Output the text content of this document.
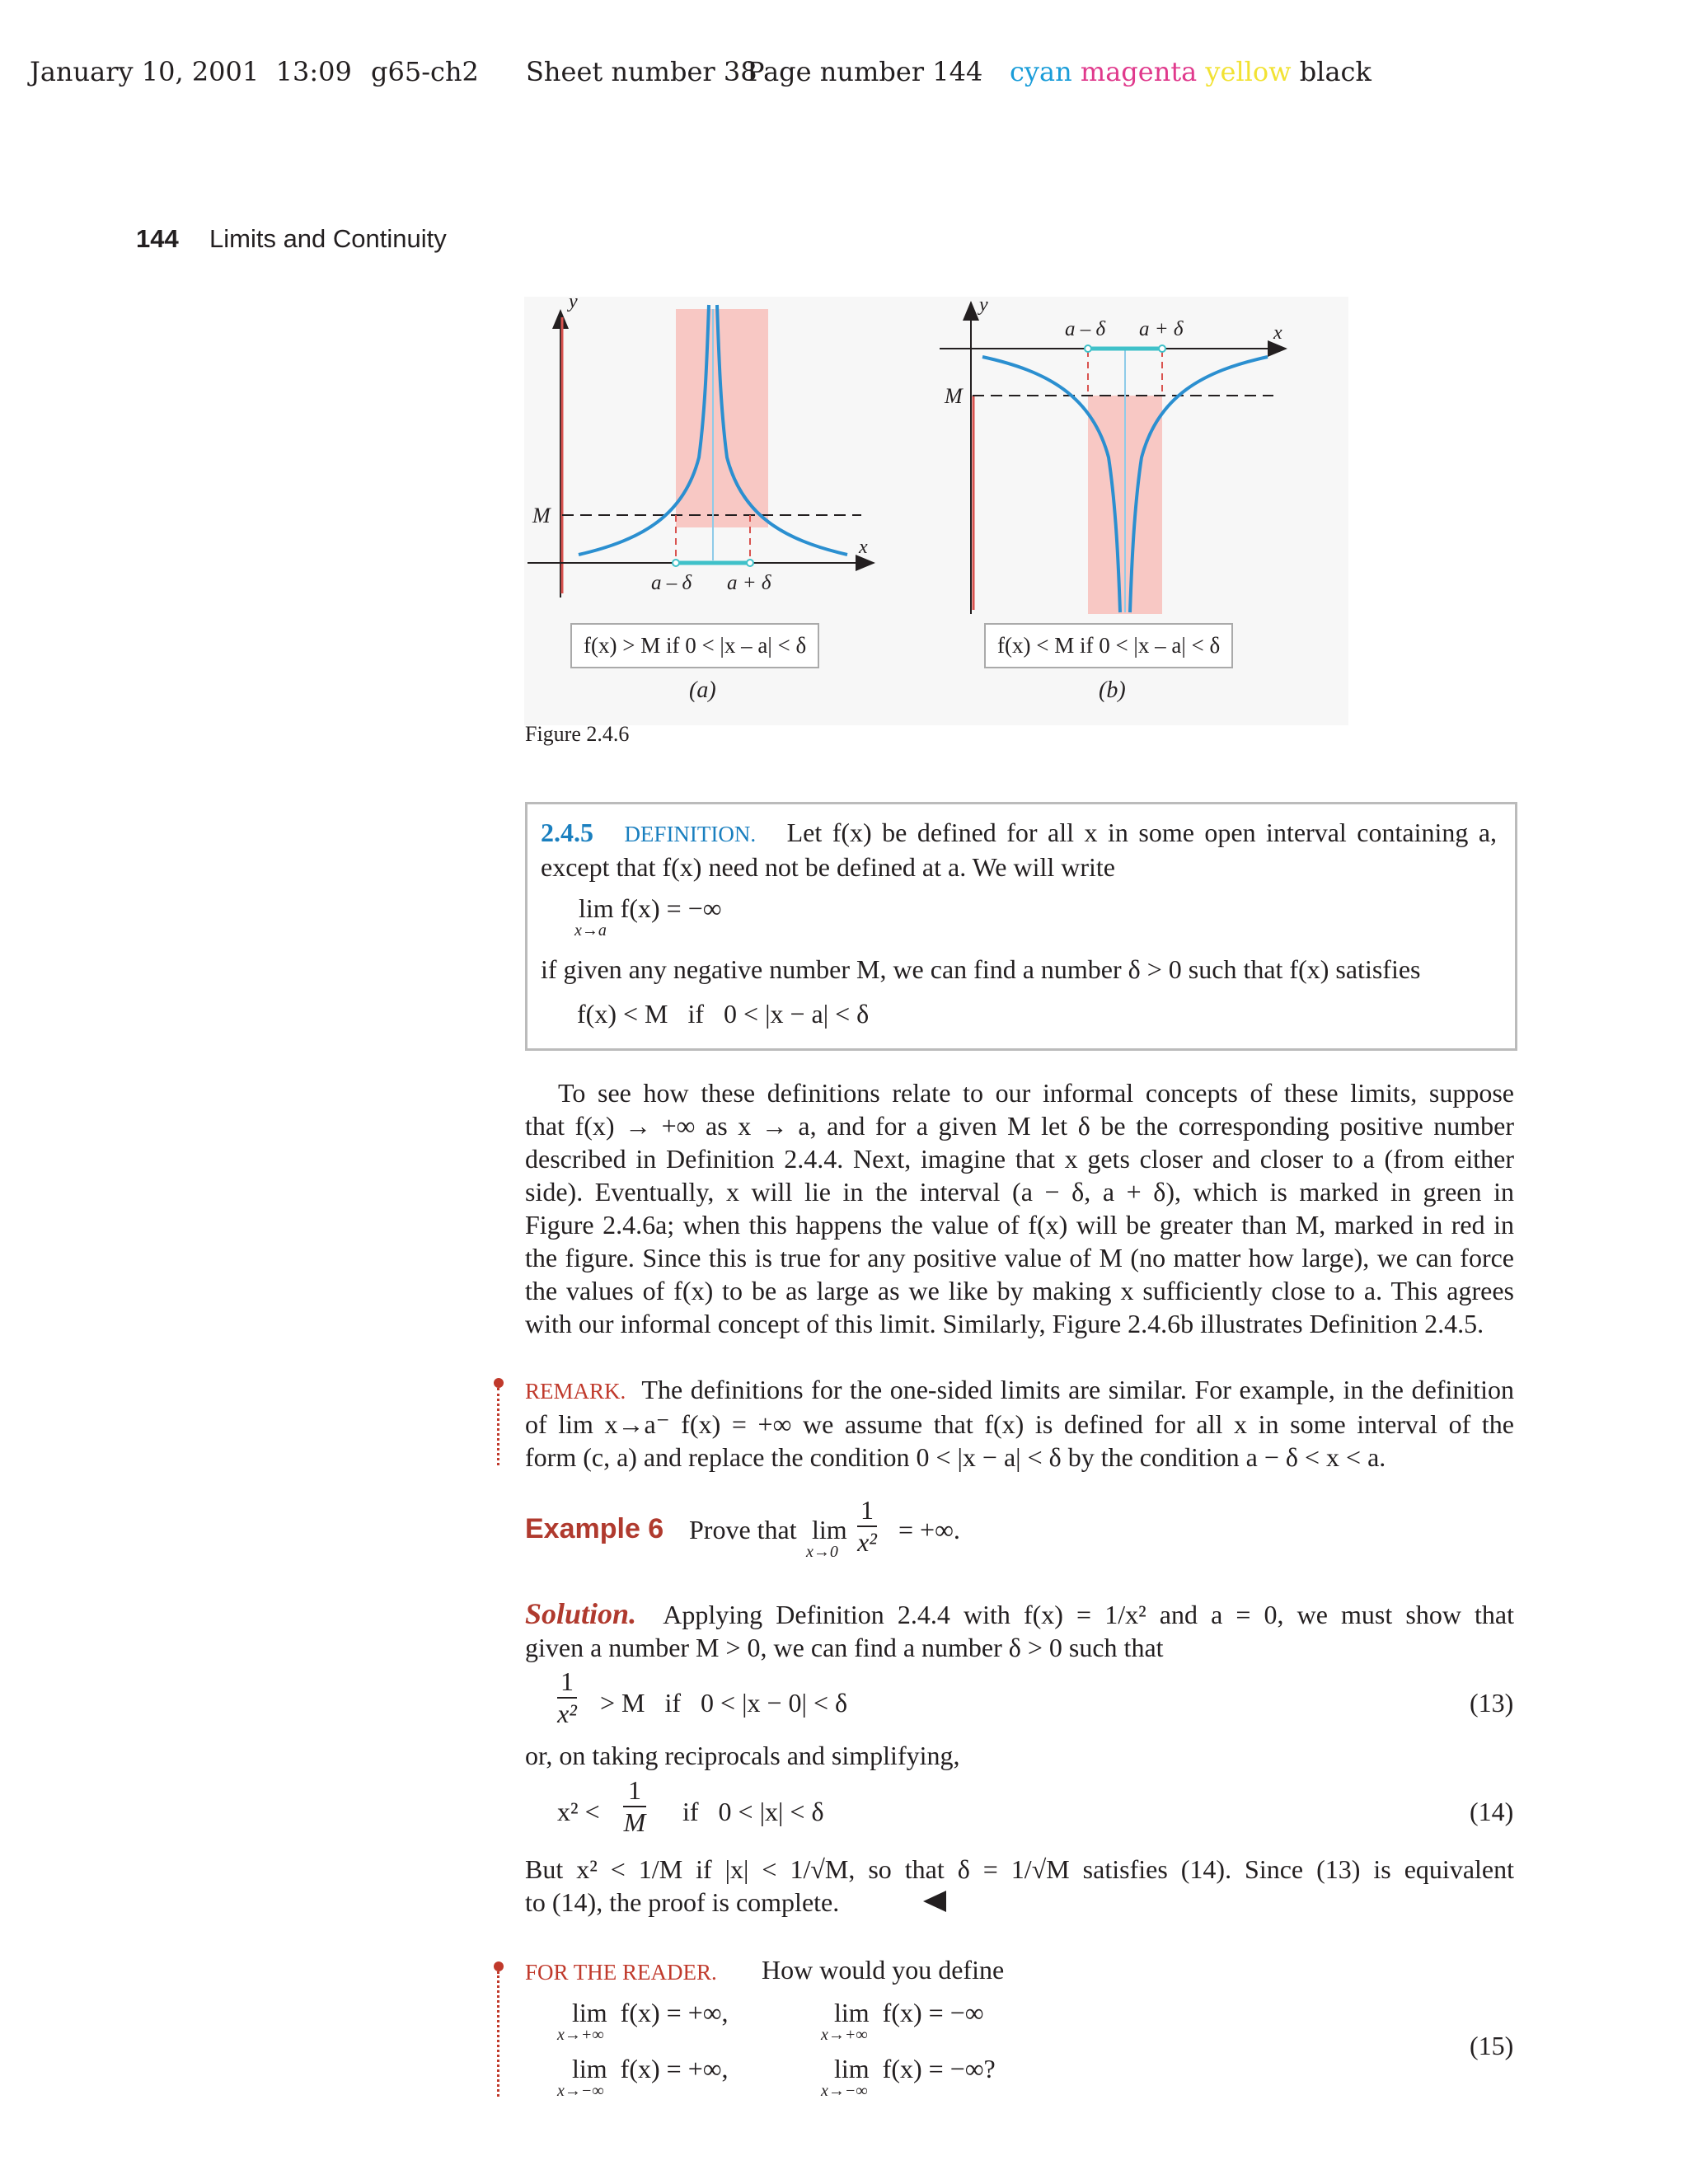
January 10, 2001 13:09 g65-ch2 Sheet number 38
Page number 144 cyan magenta yellow black
144 Limits and Continuity
y
x
M
a – δ a + δ
f(x) > M if 0 < |x – a| < δ
(a)
y
x
M
a – δ a + δ
f(x) < M if 0 < |x – a| < δ
(b)
Figure 2.4.6
2.4.5 DEFINITION. Let f(x) be defined for all x in some open interval containing a,
except that f(x) need not be defined at a. We will write
lim f(x) = −∞
x→a
if given any negative number M, we can find a number δ > 0 such that f(x) satisfies
f(x) < M   if   0 < |x − a| < δ
To see how these definitions relate to our informal concepts of these limits, suppose
that f(x) → +∞ as x → a, and for a given M let δ be the corresponding positive number
described in Definition 2.4.4. Next, imagine that x gets closer and closer to a (from either
side). Eventually, x will lie in the interval (a − δ, a + δ), which is marked in green in
Figure 2.4.6a; when this happens the value of f(x) will be greater than M, marked in red in
the figure. Since this is true for any positive value of M (no matter how large), we can force
the values of f(x) to be as large as we like by making x sufficiently close to a. This agrees
with our informal concept of this limit. Similarly, Figure 2.4.6b illustrates Definition 2.4.5.
REMARK. The definitions for the one-sided limits are similar. For example, in the definition
of lim x→a⁻ f(x) = +∞ we assume that f(x) is defined for all x in some interval of the
form (c, a) and replace the condition 0 < |x − a| < δ by the condition a − δ < x < a.
Example 6 Prove that lim
$x\to 0 \frac{1}{\text{x²}}$ = +∞.
Solution. Applying Definition 2.4.4 with f(x) = 1/x² and a = 0, we must show that
given a number M > 0, we can find a number δ > 0 such that
$\frac{1}{\text{x²}} > M$   if   0 < |x − 0| < δ	(13)
or, on taking reciprocals and simplifying,
$x^2 < \frac{1}{M}$ if   0 < |x| < δ	(14)
But x² < 1/M if |x| < 1/√M, so that δ = 1/√M satisfies (14). Since (13) is equivalent
to (14), the proof is complete.
FOR THE READER. How would you define
lim  f(x) = +∞,
x→+∞
lim  f(x) = −∞
x→+∞
lim  f(x) = +∞,
x→−∞
lim  f(x) = −∞?
x→−∞
(15)
